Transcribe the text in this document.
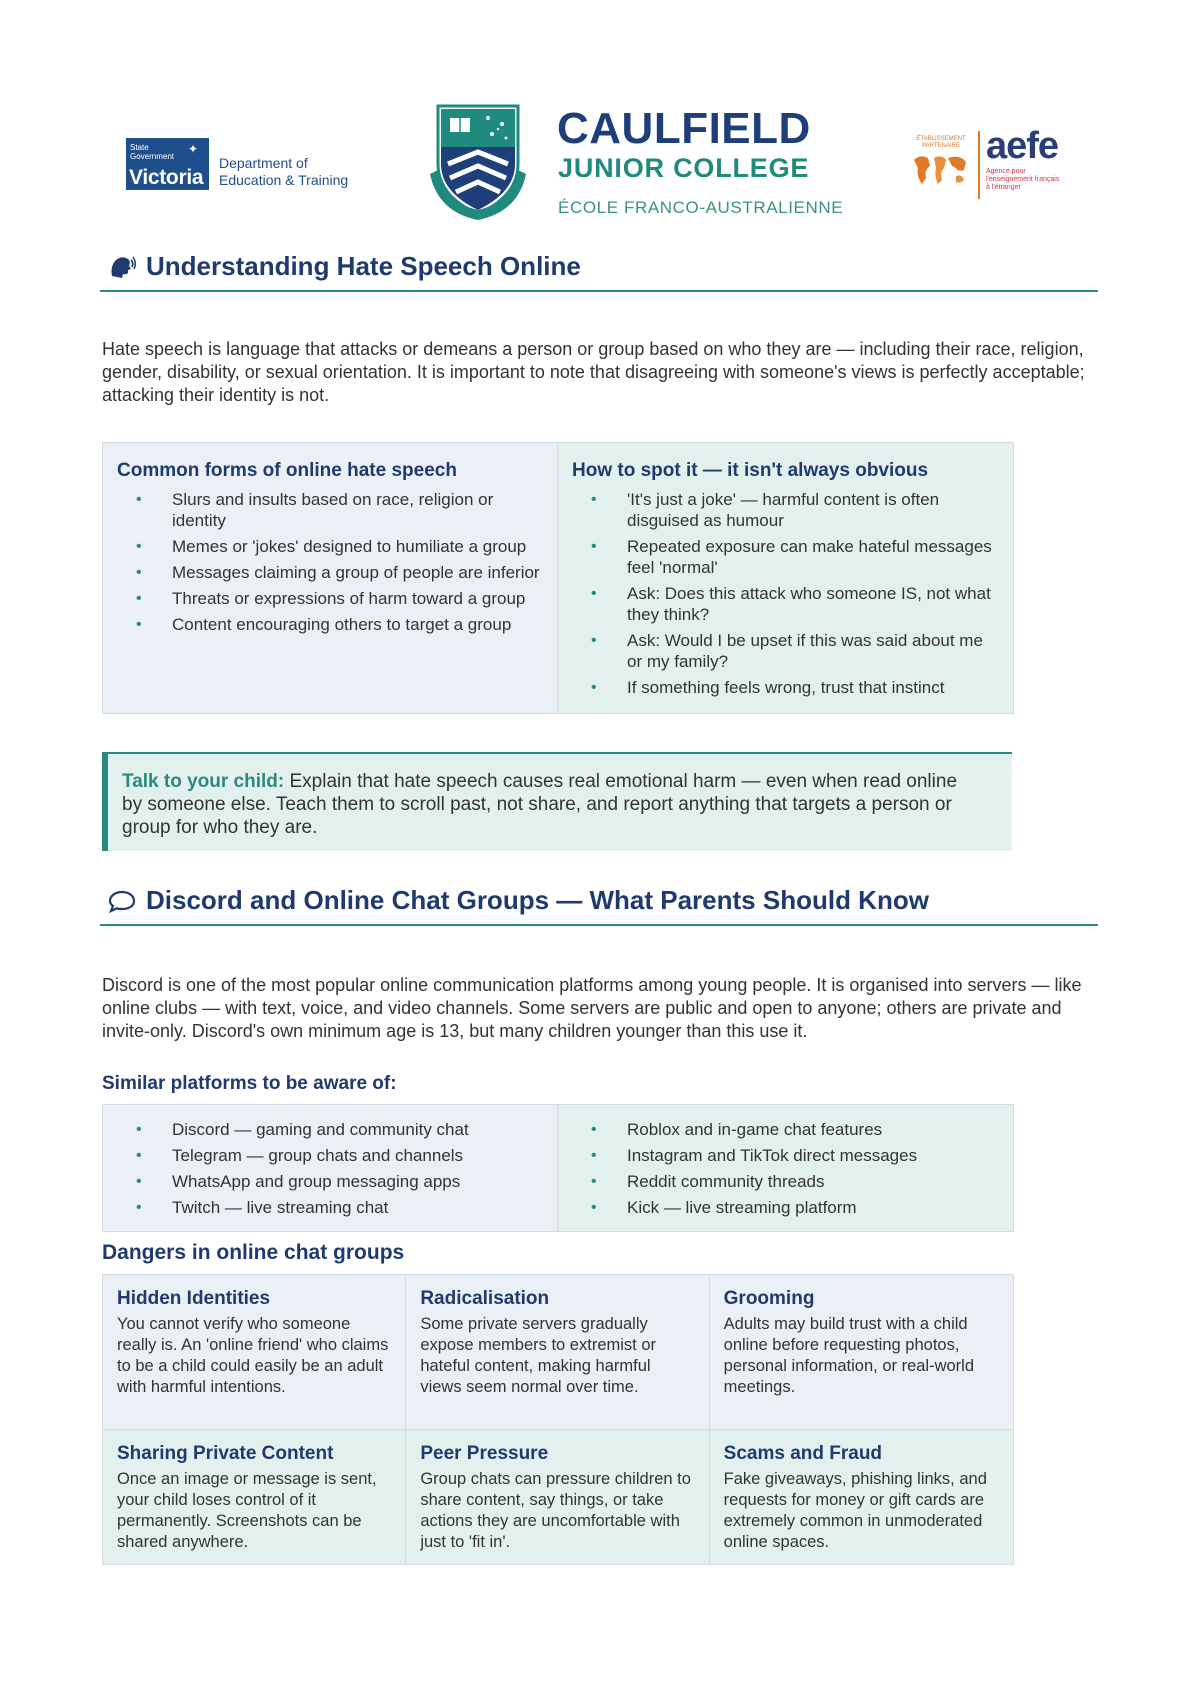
State
Government
✦
Victoria
Department of
Education & Training
CAULFIELD
JUNIOR COLLEGE
ÉCOLE FRANCO-AUSTRALIENNE
ÉTABLISSEMENT
PARTENAIRE aefe
Agence pour
l'enseignement français
à l'étranger
Understanding Hate Speech Online
Hate speech is language that attacks or demeans a person or group based on who they are — including their race, religion, gender, disability, or sexual orientation. It is important to note that disagreeing with someone's views is perfectly acceptable; attacking their identity is not.
Common forms of online hate speech
• Slurs and insults based on race, religion or identity
• Memes or 'jokes' designed to humiliate a group
• Messages claiming a group of people are inferior
• Threats or expressions of harm toward a group
• Content encouraging others to target a group
How to spot it — it isn't always obvious
• 'It's just a joke' — harmful content is often disguised as humour
• Repeated exposure can make hateful messages feel 'normal'
• Ask: Does this attack who someone IS, not what they think?
• Ask: Would I be upset if this was said about me or my family?
• If something feels wrong, trust that instinct
Talk to your child: Explain that hate speech causes real emotional harm — even when read online by someone else. Teach them to scroll past, not share, and report anything that targets a person or group for who they are.
Discord and Online Chat Groups — What Parents Should Know
Discord is one of the most popular online communication platforms among young people. It is organised into servers — like online clubs — with text, voice, and video channels. Some servers are public and open to anyone; others are private and invite-only. Discord's own minimum age is 13, but many children younger than this use it.
Similar platforms to be aware of:
• Discord — gaming and community chat
• Telegram — group chats and channels
• WhatsApp and group messaging apps
• Twitch — live streaming chat
• Roblox and in-game chat features
• Instagram and TikTok direct messages
• Reddit community threads
• Kick — live streaming platform
Dangers in online chat groups
Hidden Identities
You cannot verify who someone really is. An 'online friend' who claims to be a child could easily be an adult with harmful intentions.
Radicalisation
Some private servers gradually expose members to extremist or hateful content, making harmful views seem normal over time.
Grooming
Adults may build trust with a child online before requesting photos, personal information, or real-world meetings.
Sharing Private Content
Once an image or message is sent, your child loses control of it permanently. Screenshots can be shared anywhere.
Peer Pressure
Group chats can pressure children to share content, say things, or take actions they are uncomfortable with just to 'fit in'.
Scams and Fraud
Fake giveaways, phishing links, and requests for money or gift cards are extremely common in unmoderated online spaces.
